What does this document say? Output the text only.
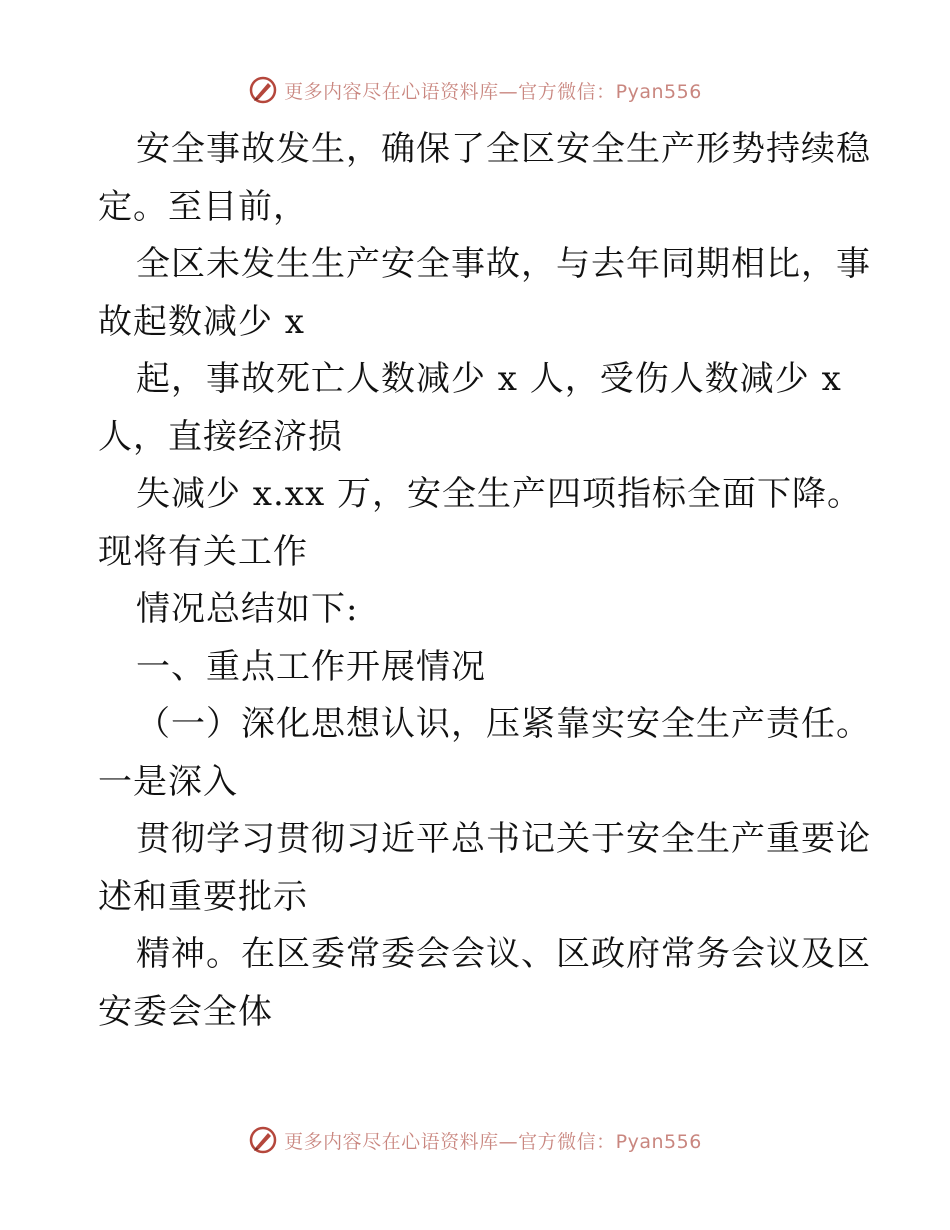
更多内容尽在心语资料库—官方微信：Pyan556
安全事故发生，确保了全区安全生产形势持续稳
定。至目前，
全区未发生生产安全事故，与去年同期相比，事
故起数减少 x
起，事故死亡人数减少 x 人，受伤人数减少 x
人，直接经济损
失减少 x.xx 万，安全生产四项指标全面下降。
现将有关工作
情况总结如下:
一、重点工作开展情况
（一）深化思想认识，压紧靠实安全生产责任。
一是深入
贯彻学习贯彻习近平总书记关于安全生产重要论
述和重要批示
精神。在区委常委会会议、区政府常务会议及区
安委会全体
更多内容尽在心语资料库—官方微信：Pyan556
